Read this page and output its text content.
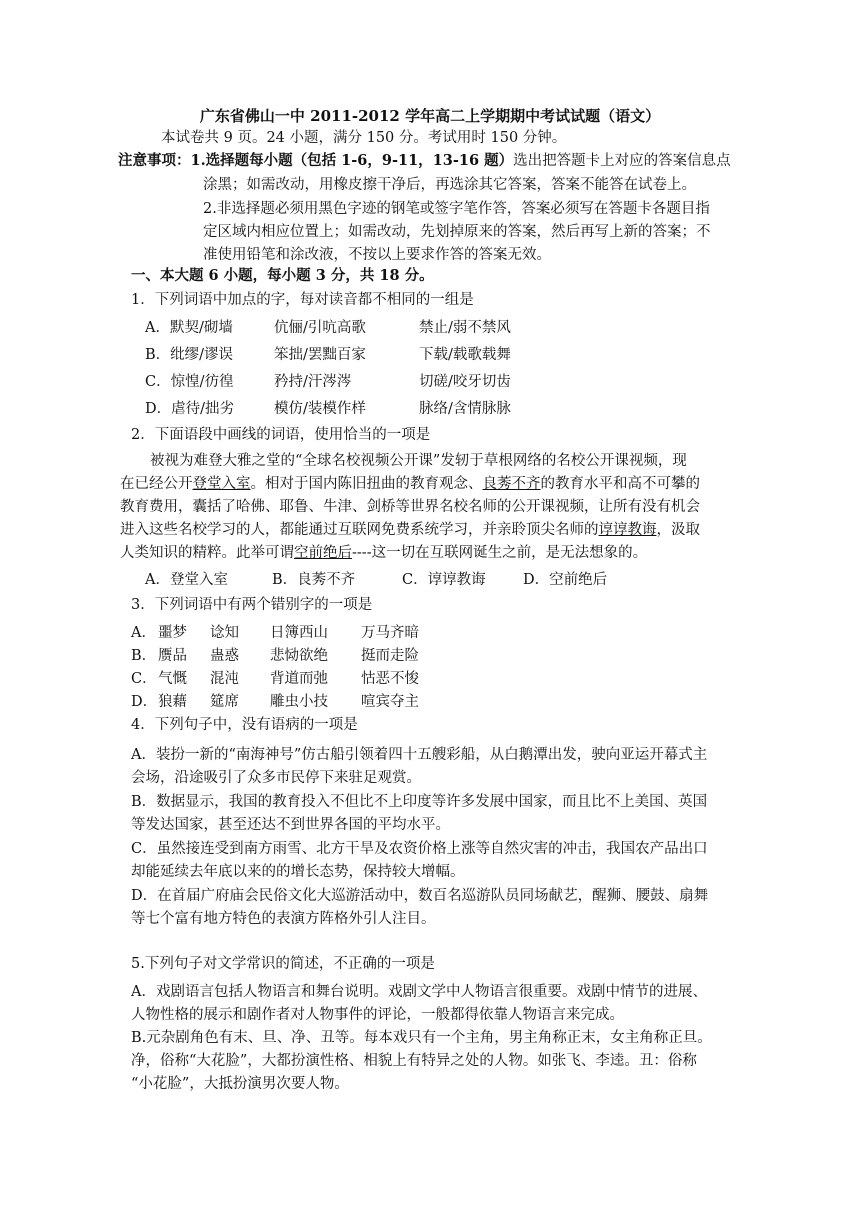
广东省佛山一中 2011-2012 学年高二上学期期中考试试题（语文）
本试卷共 9 页。24 小题，满分 150 分。考试用时 150 分钟。
注意事项：1.选择题每小题（包括 1-6，9-11，13-16 题）选出把答题卡上对应的答案信息点
涂黑；如需改动，用橡皮擦干净后，再选涂其它答案，答案不能答在试卷上。
2.非选择题必须用黑色字迹的钢笔或签字笔作答，答案必须写在答题卡各题目指
定区域内相应位置上；如需改动，先划掉原来的答案，然后再写上新的答案；不
准使用铅笔和涂改液，不按以上要求作答的答案无效。
一、本大题 6 小题，每小题 3 分，共 18 分。
1．下列词语中加点的字，每对读音都不相同的一组是
A．默契/砌墙	伉俪/引吭高歌	禁止/弱不禁风
B．纰缪/谬误	笨拙/罢黜百家	下载/载歌载舞
C．惊惶/彷徨	矜持/汗涔涔	切磋/咬牙切齿
D．虐待/拙劣	模仿/装模作样	脉络/含情脉脉
2．下面语段中画线的词语，使用恰当的一项是
被视为难登大雅之堂的“全球名校视频公开课”发轫于草根网络的名校公开课视频，现
在已经公开登堂入室。相对于国内陈旧扭曲的教育观念、良莠不齐的教育水平和高不可攀的
教育费用，囊括了哈佛、耶鲁、牛津、剑桥等世界名校名师的公开课视频，让所有没有机会
进入这些名校学习的人，都能通过互联网免费系统学习，并亲聆顶尖名师的谆谆教诲，汲取
人类知识的精粹。此举可谓空前绝后----这一切在互联网诞生之前，是无法想象的。
A．登堂入室	B．良莠不齐	C．谆谆教诲	D．空前绝后
3．下列词语中有两个错别字的一项是
A． 噩梦 谂知 日簿西山 万马齐暗
B． 赝品 蛊惑 悲恸欲绝 挺而走险
C． 气慨 混沌 背道而弛 怙恶不悛
D． 狼藉 筵席 雕虫小技 喧宾夺主
4．下列句子中，没有语病的一项是
A．装扮一新的“南海神号”仿古船引领着四十五艘彩船，从白鹅潭出发，驶向亚运开幕式主
会场，沿途吸引了众多市民停下来驻足观赏。
B．数据显示，我国的教育投入不但比不上印度等许多发展中国家，而且比不上美国、英国
等发达国家，甚至还达不到世界各国的平均水平。
C．虽然接连受到南方雨雪、北方干旱及农资价格上涨等自然灾害的冲击，我国农产品出口
却能延续去年底以来的的增长态势，保持较大增幅。
D．在首届广府庙会民俗文化大巡游活动中，数百名巡游队员同场献艺，醒狮、腰鼓、扇舞
等七个富有地方特色的表演方阵格外引人注目。
5.下列句子对文学常识的简述，不正确的一项是
A．戏剧语言包括人物语言和舞台说明。戏剧文学中人物语言很重要。戏剧中情节的进展、
人物性格的展示和剧作者对人物事件的评论，一般都得依靠人物语言来完成。
B.元杂剧角色有末、旦、净、丑等。每本戏只有一个主角，男主角称正末，女主角称正旦。
净，俗称“大花脸”，大都扮演性格、相貌上有特异之处的人物。如张飞、李逵。丑：俗称
“小花脸”，大抵扮演男次要人物。
